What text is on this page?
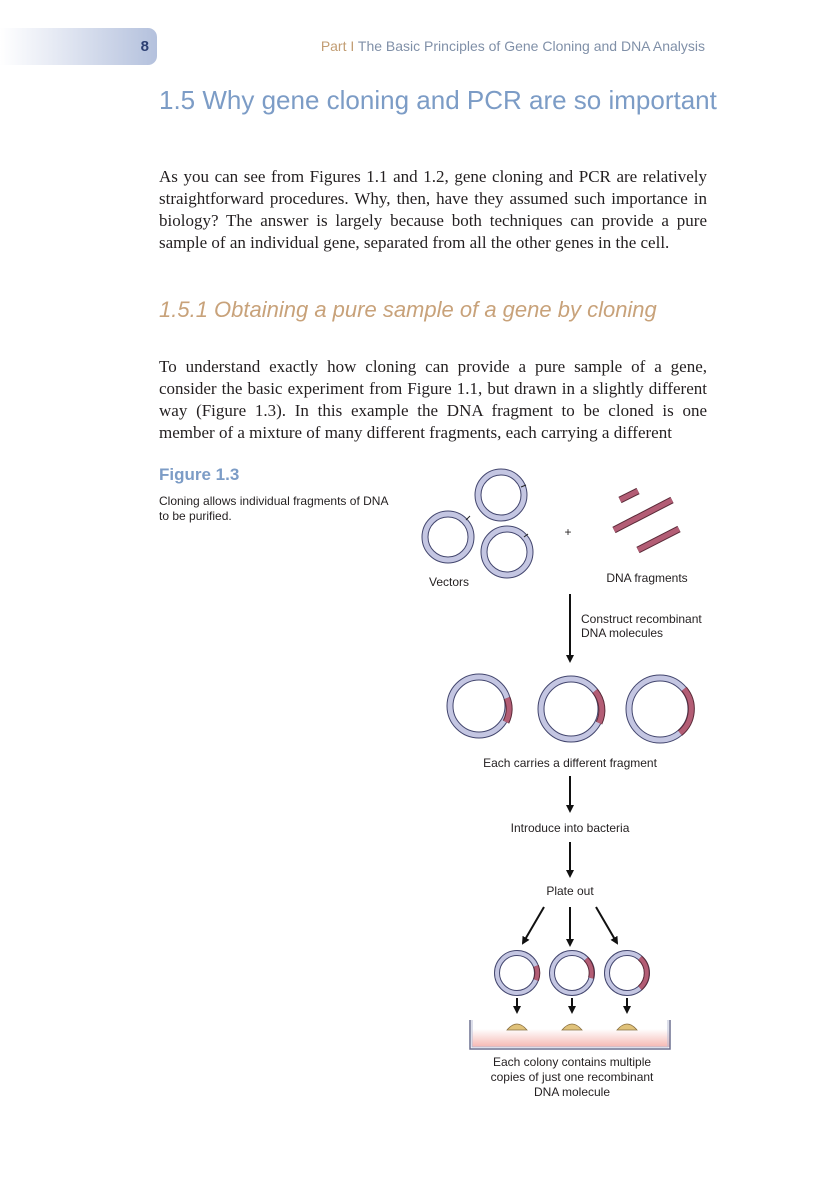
8	Part I The Basic Principles of Gene Cloning and DNA Analysis
1.5 Why gene cloning and PCR are so important

As you can see from Figures 1.1 and 1.2, gene cloning and PCR are relatively straightforward procedures. Why, then, have they assumed such importance in biology? The answer is largely because both techniques can provide a pure sample of an individual gene, separated from all the other genes in the cell.

1.5.1 Obtaining a pure sample of a gene by cloning

To understand exactly how cloning can provide a pure sample of a gene, consider the basic experiment from Figure 1.1, but drawn in a slightly different way (Figure 1.3). In this example the DNA fragment to be cloned is one member of a mixture of many different fragments, each carrying a different

Figure 1.3

Cloning allows individual fragments of DNA to be purified.

+
Vectors	DNA fragments
Construct recombinant
DNA molecules
Each carries a different fragment
Introduce into bacteria
Plate out
Each colony contains multiple
copies of just one recombinant
DNA molecule
